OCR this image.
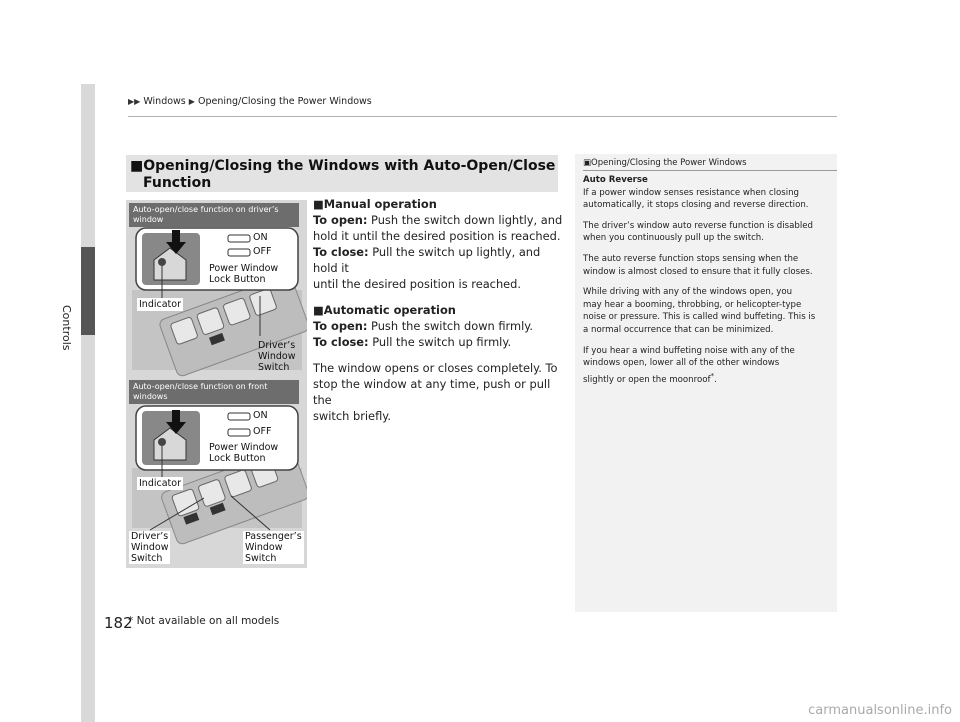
Controls
▶▶ Windows ▶ Opening/Closing the Power Windows
■Opening/Closing the Windows with Auto-Open/Close
Function

■Manual operation

To open: Push the switch down lightly, and

hold it until the desired position is reached.

To close: Pull the switch up lightly, and hold it

until the desired position is reached.

■Automatic operation

To open: Push the switch down firmly.

To close: Pull the switch up firmly.

The window opens or closes completely. To

stop the window at any time, push or pull the

switch briefly.

Auto-open/close function on driver’s
window
ON
OFF
Power Window
Lock Button
Indicator
Driver’s
Window
Switch
Auto-open/close function on front
windows
ON
OFF
Power Window
Lock Button
Indicator
Driver’s
Window
Switch
Passenger’s
Window
Switch
▣Opening/Closing the Power Windows

Auto Reverse

If a power window senses resistance when closing
automatically, it stops closing and reverse direction.

The driver’s window auto reverse function is disabled
when you continuously pull up the switch.

The auto reverse function stops sensing when the
window is almost closed to ensure that it fully closes.

While driving with any of the windows open, you
may hear a booming, throbbing, or helicopter-type
noise or pressure. This is called wind buffeting. This is
a normal occurrence that can be minimized.

If you hear a wind buffeting noise with any of the
windows open, lower all of the other windows
slightly or open the moonroof*.

182
* Not available on all models
carmanualsonline.info
